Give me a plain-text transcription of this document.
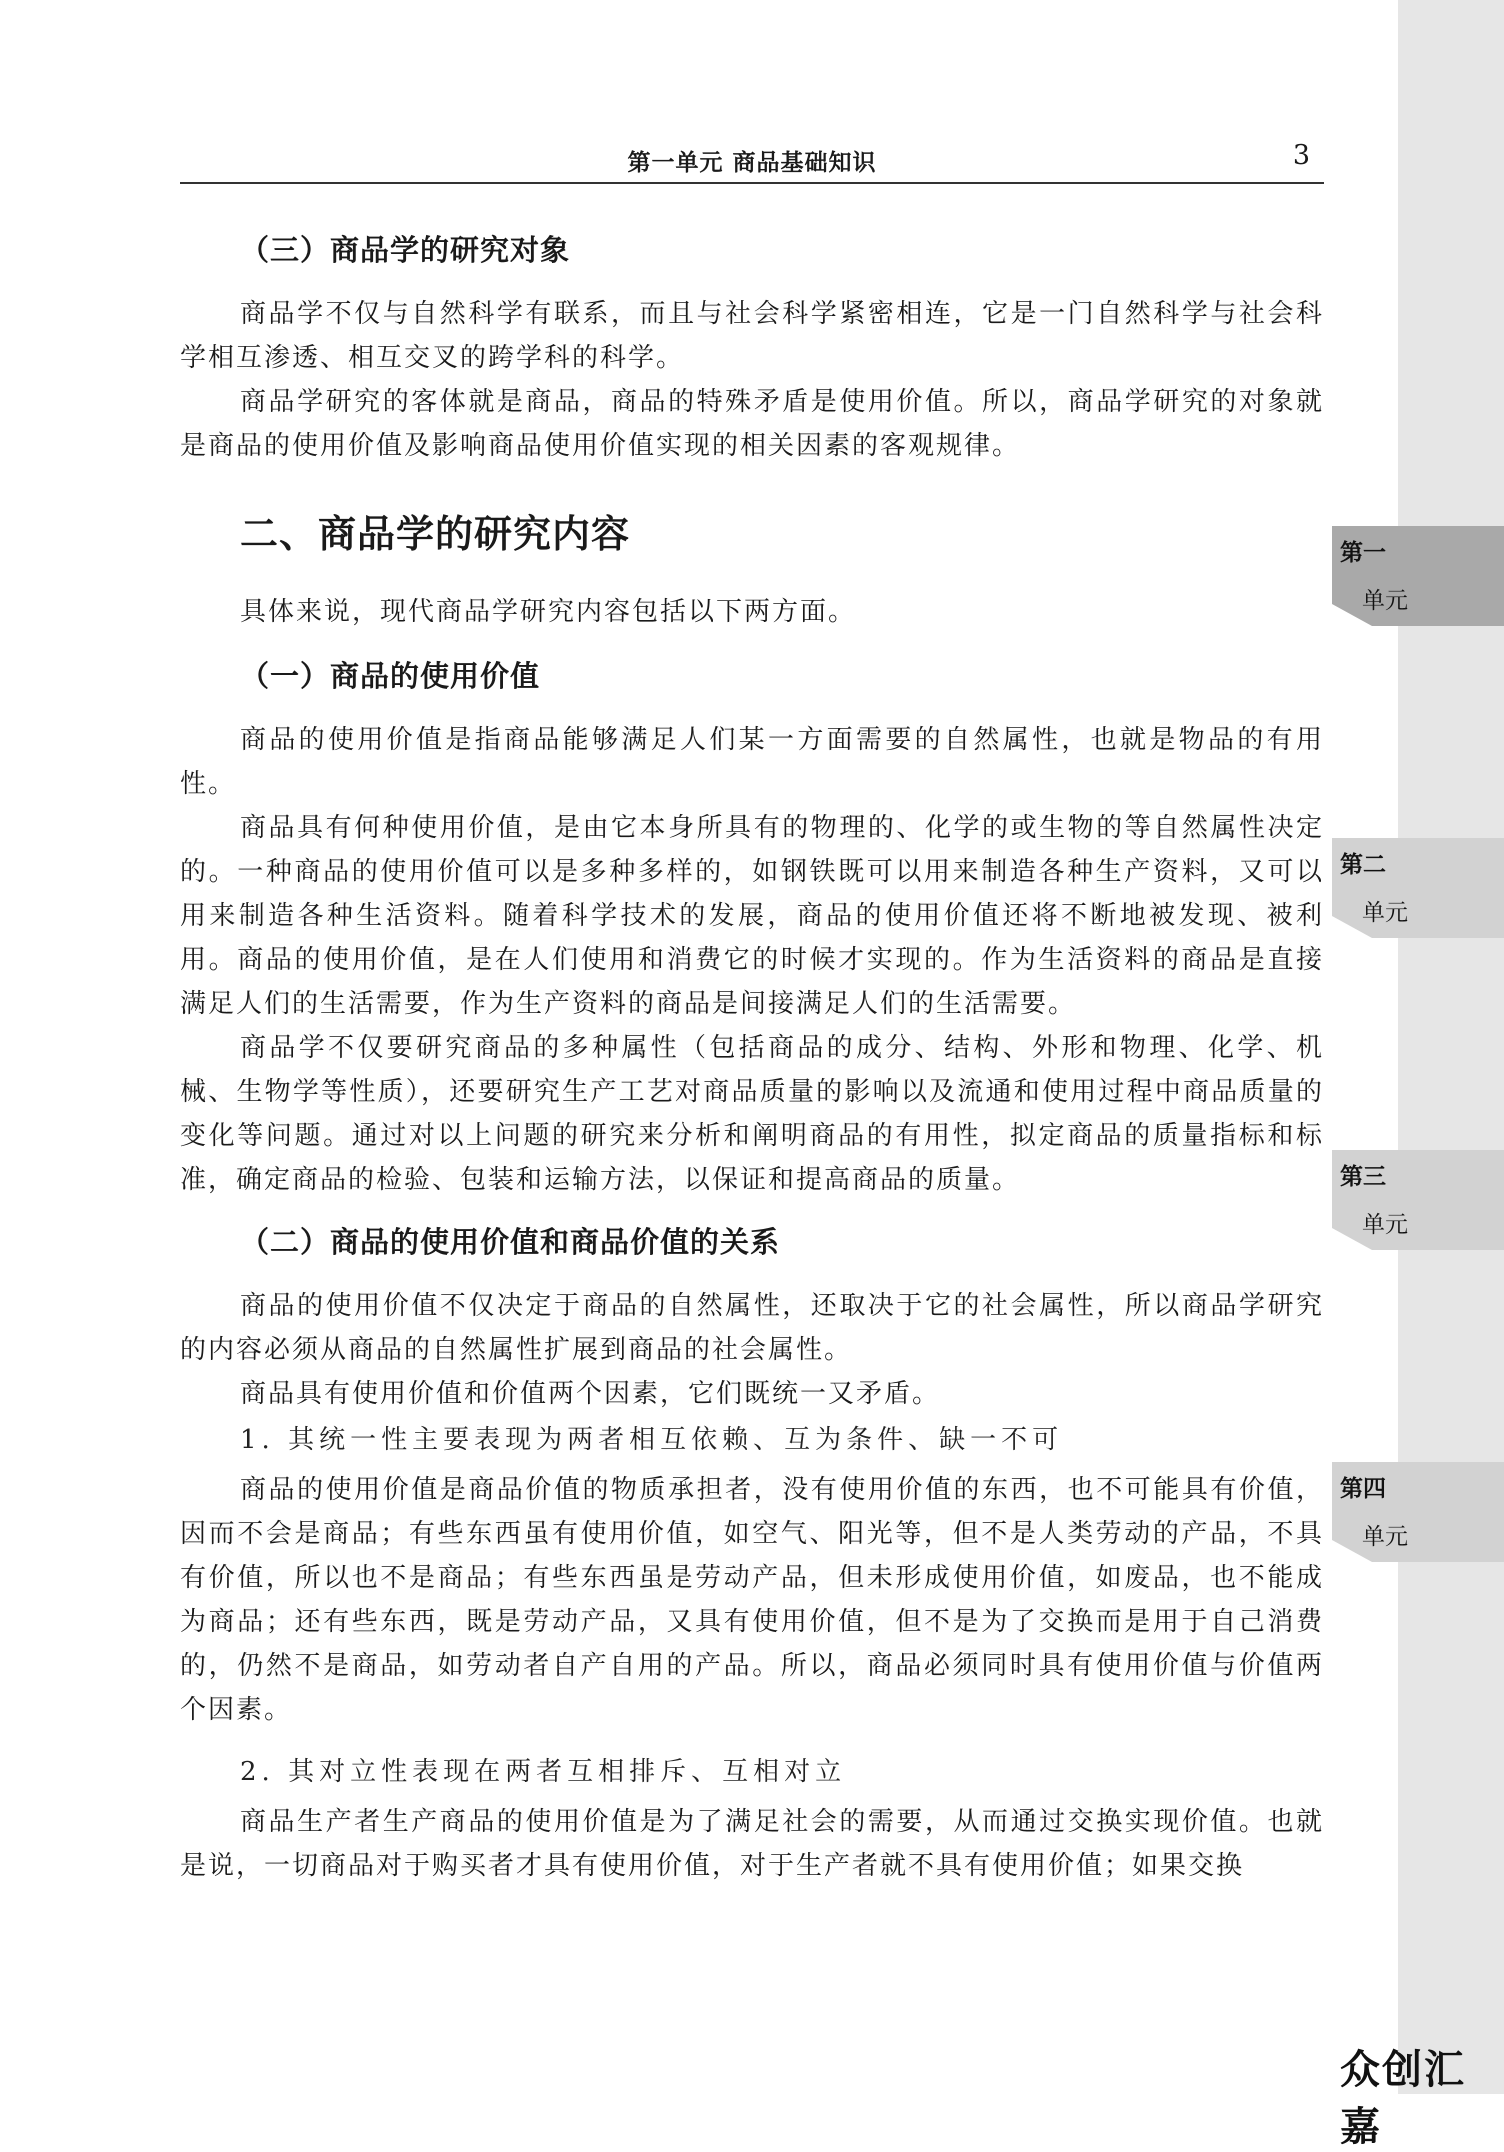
第一单元 商品基础知识	3
（三）商品学的研究对象

商品学不仅与自然科学有联系，而且与社会科学紧密相连，它是一门自然科学与社会科学相互渗透、相互交叉的跨学科的科学。

商品学研究的客体就是商品，商品的特殊矛盾是使用价值。所以，商品学研究的对象就是商品的使用价值及影响商品使用价值实现的相关因素的客观规律。

二、商品学的研究内容

具体来说，现代商品学研究内容包括以下两方面。

（一）商品的使用价值

商品的使用价值是指商品能够满足人们某一方面需要的自然属性，也就是物品的有用性。

商品具有何种使用价值，是由它本身所具有的物理的、化学的或生物的等自然属性决定的。一种商品的使用价值可以是多种多样的，如钢铁既可以用来制造各种生产资料，又可以用来制造各种生活资料。随着科学技术的发展，商品的使用价值还将不断地被发现、被利用。商品的使用价值，是在人们使用和消费它的时候才实现的。作为生活资料的商品是直接满足人们的生活需要，作为生产资料的商品是间接满足人们的生活需要。

商品学不仅要研究商品的多种属性（包括商品的成分、结构、外形和物理、化学、机械、生物学等性质），还要研究生产工艺对商品质量的影响以及流通和使用过程中商品质量的变化等问题。通过对以上问题的研究来分析和阐明商品的有用性，拟定商品的质量指标和标准，确定商品的检验、包装和运输方法，以保证和提高商品的质量。

（二）商品的使用价值和商品价值的关系

商品的使用价值不仅决定于商品的自然属性，还取决于它的社会属性，所以商品学研究的内容必须从商品的自然属性扩展到商品的社会属性。

商品具有使用价值和价值两个因素，它们既统一又矛盾。

1. 其统一性主要表现为两者相互依赖、互为条件、缺一不可

商品的使用价值是商品价值的物质承担者，没有使用价值的东西，也不可能具有价值，因而不会是商品；有些东西虽有使用价值，如空气、阳光等，但不是人类劳动的产品，不具有价值，所以也不是商品；有些东西虽是劳动产品，但未形成使用价值，如废品，也不能成为商品；还有些东西，既是劳动产品，又具有使用价值，但不是为了交换而是用于自己消费的，仍然不是商品，如劳动者自产自用的产品。所以，商品必须同时具有使用价值与价值两个因素。

2. 其对立性表现在两者互相排斥、互相对立

商品生产者生产商品的使用价值是为了满足社会的需要，从而通过交换实现价值。也就是说，一切商品对于购买者才具有使用价值，对于生产者就不具有使用价值；如果交换

第一
单元
第二
单元
第三
单元
第四
单元
众创汇嘉
